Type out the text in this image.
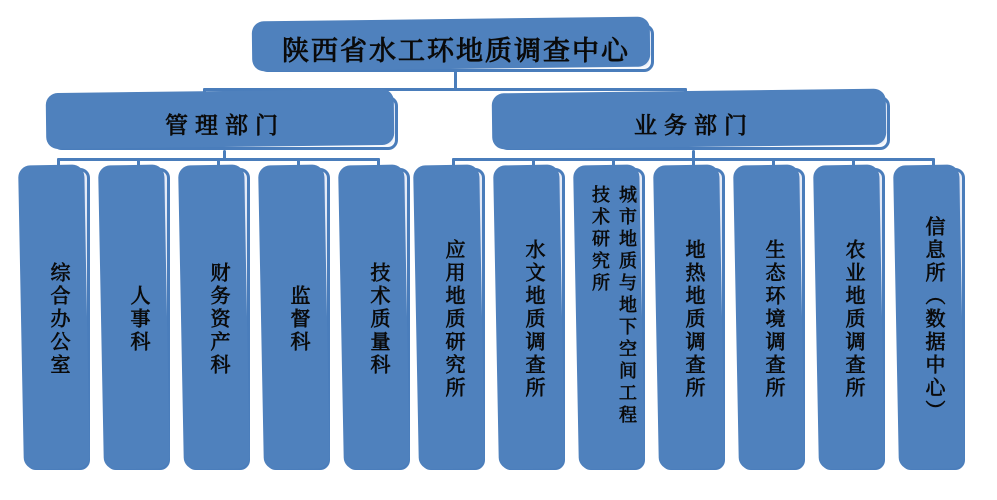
陕西省水工环地质调查中心
管理部门	业务部门
综合办公室	人事科	财务资产科	监督科	技术质量科	应用地质研究所	水文地质调查所	城市地质与地下空间工程
技术研究所	地热地质调查所	生态环境调查所	农业地质调查所	信息所（数据中心）
